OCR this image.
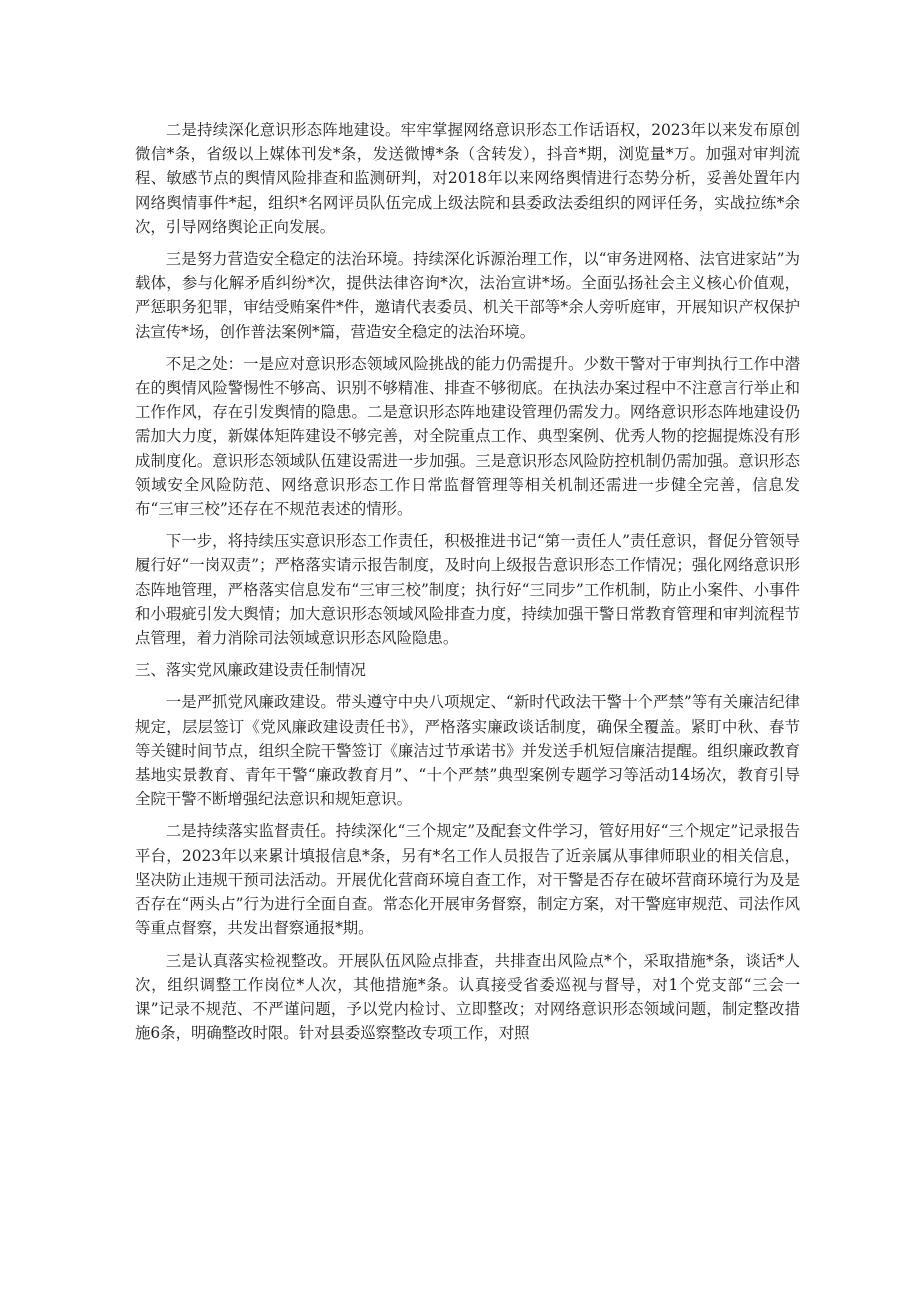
二是持续深化意识形态阵地建设。牢牢掌握网络意识形态工作话语权，2023年以来发布原创微信*条，省级以上媒体刊发*条，发送微博*条（含转发），抖音*期，浏览量*万。加强对审判流程、敏感节点的舆情风险排查和监测研判，对2018年以来网络舆情进行态势分析，妥善处置年内网络舆情事件*起，组织*名网评员队伍完成上级法院和县委政法委组织的网评任务，实战拉练*余次，引导网络舆论正向发展。

三是努力营造安全稳定的法治环境。持续深化诉源治理工作，以“审务进网格、法官进家站”为载体，参与化解矛盾纠纷*次，提供法律咨询*次，法治宣讲*场。全面弘扬社会主义核心价值观，严惩职务犯罪，审结受贿案件*件，邀请代表委员、机关干部等*余人旁听庭审，开展知识产权保护法宣传*场，创作普法案例*篇，营造安全稳定的法治环境。

不足之处：一是应对意识形态领域风险挑战的能力仍需提升。少数干警对于审判执行工作中潜在的舆情风险警惕性不够高、识别不够精准、排查不够彻底。在执法办案过程中不注意言行举止和工作作风，存在引发舆情的隐患。二是意识形态阵地建设管理仍需发力。网络意识形态阵地建设仍需加大力度，新媒体矩阵建设不够完善，对全院重点工作、典型案例、优秀人物的挖掘提炼没有形成制度化。意识形态领域队伍建设需进一步加强。三是意识形态风险防控机制仍需加强。意识形态领域安全风险防范、网络意识形态工作日常监督管理等相关机制还需进一步健全完善，信息发布“三审三校”还存在不规范表述的情形。

下一步，将持续压实意识形态工作责任，积极推进书记“第一责任人”责任意识，督促分管领导履行好“一岗双责”；严格落实请示报告制度，及时向上级报告意识形态工作情况；强化网络意识形态阵地管理，严格落实信息发布“三审三校”制度；执行好“三同步”工作机制，防止小案件、小事件和小瑕疵引发大舆情；加大意识形态领域风险排查力度，持续加强干警日常教育管理和审判流程节点管理，着力消除司法领域意识形态风险隐患。

三、落实党风廉政建设责任制情况

一是严抓党风廉政建设。带头遵守中央八项规定、“新时代政法干警十个严禁”等有关廉洁纪律规定，层层签订《党风廉政建设责任书》，严格落实廉政谈话制度，确保全覆盖。紧盯中秋、春节等关键时间节点，组织全院干警签订《廉洁过节承诺书》并发送手机短信廉洁提醒。组织廉政教育基地实景教育、青年干警“廉政教育月”、“十个严禁”典型案例专题学习等活动14场次，教育引导全院干警不断增强纪法意识和规矩意识。

二是持续落实监督责任。持续深化“三个规定”及配套文件学习，管好用好“三个规定”记录报告平台，2023年以来累计填报信息*条，另有*名工作人员报告了近亲属从事律师职业的相关信息，坚决防止违规干预司法活动。开展优化营商环境自查工作，对干警是否存在破坏营商环境行为及是否存在“两头占”行为进行全面自查。常态化开展审务督察，制定方案，对干警庭审规范、司法作风等重点督察，共发出督察通报*期。

三是认真落实检视整改。开展队伍风险点排查，共排查出风险点*个，采取措施*条，谈话*人次，组织调整工作岗位*人次，其他措施*条。认真接受省委巡视与督导，对1个党支部“三会一课”记录不规范、不严谨问题，予以党内检讨、立即整改；对网络意识形态领域问题，制定整改措施6条，明确整改时限。针对县委巡察整改专项工作，对照
